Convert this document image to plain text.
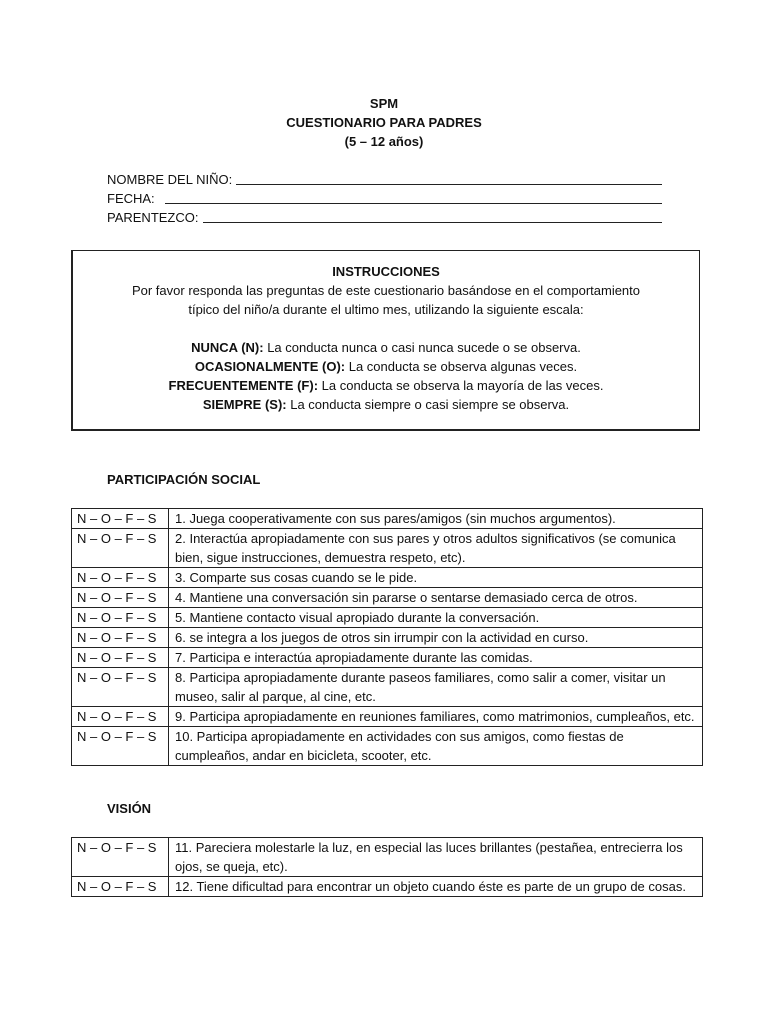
SPM
CUESTIONARIO PARA PADRES
(5 – 12 años)
NOMBRE DEL NIÑO:
FECHA:
PARENTEZCO:
INSTRUCCIONES
Por favor responda las preguntas de este cuestionario basándose en el comportamiento
típico del niño/a durante el ultimo mes, utilizando la siguiente escala:
NUNCA (N): La conducta nunca o casi nunca sucede o se observa.
OCASIONALMENTE (O): La conducta se observa algunas veces.
FRECUENTEMENTE (F): La conducta se observa la mayoría de las veces.
SIEMPRE (S): La conducta siempre o casi siempre se observa.
PARTICIPACIÓN SOCIAL
N – O – F – S	1. Juega cooperativamente con sus pares/amigos (sin muchos argumentos).
N – O – F – S	2. Interactúa apropiadamente con sus pares y otros adultos significativos (se comunica bien, sigue instrucciones, demuestra respeto, etc).
N – O – F – S	3. Comparte sus cosas cuando se le pide.
N – O – F – S	4. Mantiene una conversación sin pararse o sentarse demasiado cerca de otros.
N – O – F – S	5. Mantiene contacto visual apropiado durante la conversación.
N – O – F – S	6. se integra a los juegos de otros sin irrumpir con la actividad en curso.
N – O – F – S	7. Participa e interactúa apropiadamente durante las comidas.
N – O – F – S	8. Participa apropiadamente durante paseos familiares, como salir a comer, visitar un museo, salir al parque, al cine, etc.
N – O – F – S	9. Participa apropiadamente en reuniones familiares, como matrimonios, cumpleaños, etc.
N – O – F – S	10. Participa apropiadamente en actividades con sus amigos, como fiestas de cumpleaños, andar en bicicleta, scooter, etc.
VISIÓN
N – O – F – S	11. Pareciera molestarle la luz, en especial las luces brillantes (pestañea, entrecierra los ojos, se queja, etc).
N – O – F – S	12. Tiene dificultad para encontrar un objeto cuando éste es parte de un grupo de cosas.
